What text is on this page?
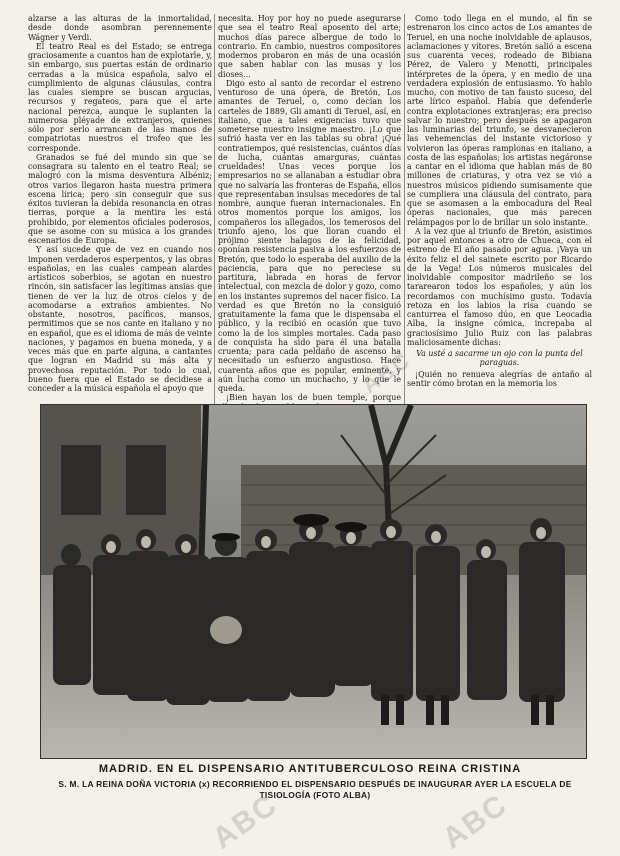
alzarse a las alturas de la inmortalidad, desde donde asombran perennemente Wágner y Verdi.

El teatro Real es del Estado; se entrega graciosamente a cuantos han de explotarle, y, sin embargo, sus puertas están de ordinario cerradas a la música española, salvo el cumplimiento de algunas cláusulas, contra las cuales siempre se buscan argucias, recursos y regateos, para que el arte nacional perezca, aunque le suplanten la numerosa pléyade de extranjeros, quienes sólo por serlo arrancan de las manos de compatriotas nuestros el trofeo que les corresponde.

Granados se fué del mundo sin que se consagrara su talento en el teatro Real; se malogró con la misma desventura Albéniz; otros varios llegaron hasta nuestra primera escena lírica; pero sin conseguir que sus éxitos tuvieran la debida resonancia en otras tierras, porque a la mentira les está prohibido, por elementos oficiales poderosos, que se asome con su música a los grandes escenarios de Europa.

Y así sucede que de vez en cuando nos imponen verdaderos esperpentos, y las obras españolas, en las cuales campean alardes artísticos soberbios, se agotan en nuestro rincón, sin satisfacer las legítimas ansias que tienen de ver la luz de otros cielos y de acomodarse a extraños ambientes. No obstante, nosotros, pacíficos, mansos, permitimos que se nos cante en italiano y no en español, que es el idioma de más de veinte naciones, y pagamos en buena moneda, y a veces más que en parte alguna, a cantantes que logran en Madrid su más alta y provechosa reputación. Por todo lo cual, bueno fuera que el Estado se decidiese a conceder a la música española el apoyo que

necesita. Hoy por hoy no puede asegurarse que sea el teatro Real aposento del arte; muchos días parece albergue de todo lo contrario. En cambio, nuestros compositores modernos probaron en más de una ocasión que saben hablar con las musas y los dioses...

Digo esto al santo de recordar el estreno venturoso de una ópera, de Bretón, Los amantes de Teruel, o, como decían los carteles de 1889, Gli amanti di Teruel, así, en italiano, que a tales exigencias tuvo que someterse nuestro insigne maestro. ¡Lo que sufrió hasta ver en las tablas su obra! ¡Qué contratiempos, qué resistencias, cuántos días de lucha, cuántas amarguras, cuántas crueldades! Unas veces porque los empresarios no se allanaban a estudiar obra que no salvaría las fronteras de España, ellos que representaban insulsas mecedores de tal nombre, aunque fueran internacionales. En otros momentos porque los amigos, los compañeros los allegados, los temerosos del triunfo ajeno, los que lloran cuando el prójimo siente halagos de la felicidad, oponían resistencia pasiva a los esfuerzos de Bretón, que todo lo esperaba del auxilio de la paciencia, para que no pereciese su partitura, labrada en horas de fervor intelectual, con mezcla de dolor y gozo, como en los instantes supremos del nacer físico. La verdad es que Bretón no la consiguió gratuitamente la fama que le dispensaba el público, y la recibió en ocasión que tuvo como la de los simples mortales. Cada paso de conquista ha sido para él una batalla cruenta; para cada peldaño de ascenso ha necesitado un esfuerzo angustioso. Hace cuarenta años que es popular, eminente, y aún lucha como un muchacho, y lo que le queda.

¡Bien hayan los de buen temple, porque

Como todo llega en el mundo, al fin se estrenaron los cinco actos de Los amantes de Teruel, en una noche inolvidable de aplausos, aclamaciones y vítores. Bretón salió a escena sus cuarenta veces, rodeado de Bibiana Pérez, de Valero y Menotti, principales intérpretes de la ópera, y en medio de una verdadera explosión de entusiasmo. Yo hablo mucho, con motivo de tan fausto suceso, del arte lírico español. Había que defenderle contra explotaciones extranjeras; era preciso salvar lo nuestro; pero después se apagaron las luminarias del triunfo, se desvanecieron las vehemencias del instante victorioso y volvieron las óperas ramplonas en italiano, a costa de las españolas; los artistas negáronse a cantar en el idioma que hablan más de 80 millones de criaturas, y otra vez se vió a nuestros músicos pidiendo sumisamente que se cumpliera una cláusula del contrato, para que se asomasen a la embocadura del Real óperas nacionales, que más parecen relámpagos por lo de brillar un solo instante.

A la vez que al triunfo de Bretón, asistimos por aquel entonces a otro de Chueca, con el estreno de El año pasado por agua. ¡Vaya un éxito feliz el del sainete escrito por Ricardo de la Vega! Los números musicales del inolvidable compositor madrileño se los tararearon todos los españoles, y aún los recordamos con muchísimo gusto. Todavía retoza en los labios la risa cuando se canturrea el famoso dúo, en que Leocadia Alba, la insigne cómica, increpaba al graciosísimo Julio Ruiz con las palabras maliciosamente dichas:

Va usté a sacarme un ojo con la punta del paraguas.

¡Quién no renueva alegrías de antaño al sentir cómo brotan en la memoria los

MADRID. EN EL DISPENSARIO ANTITUBERCULOSO REINA CRISTINA
S. M. LA REINA DOÑA VICTORIA (x) RECORRIENDO EL DISPENSARIO DESPUÉS DE INAUGURAR AYER LA ESCUELA DE TISIOLOGÍA (FOTO ALBA)
ABC	ABC
ABC
